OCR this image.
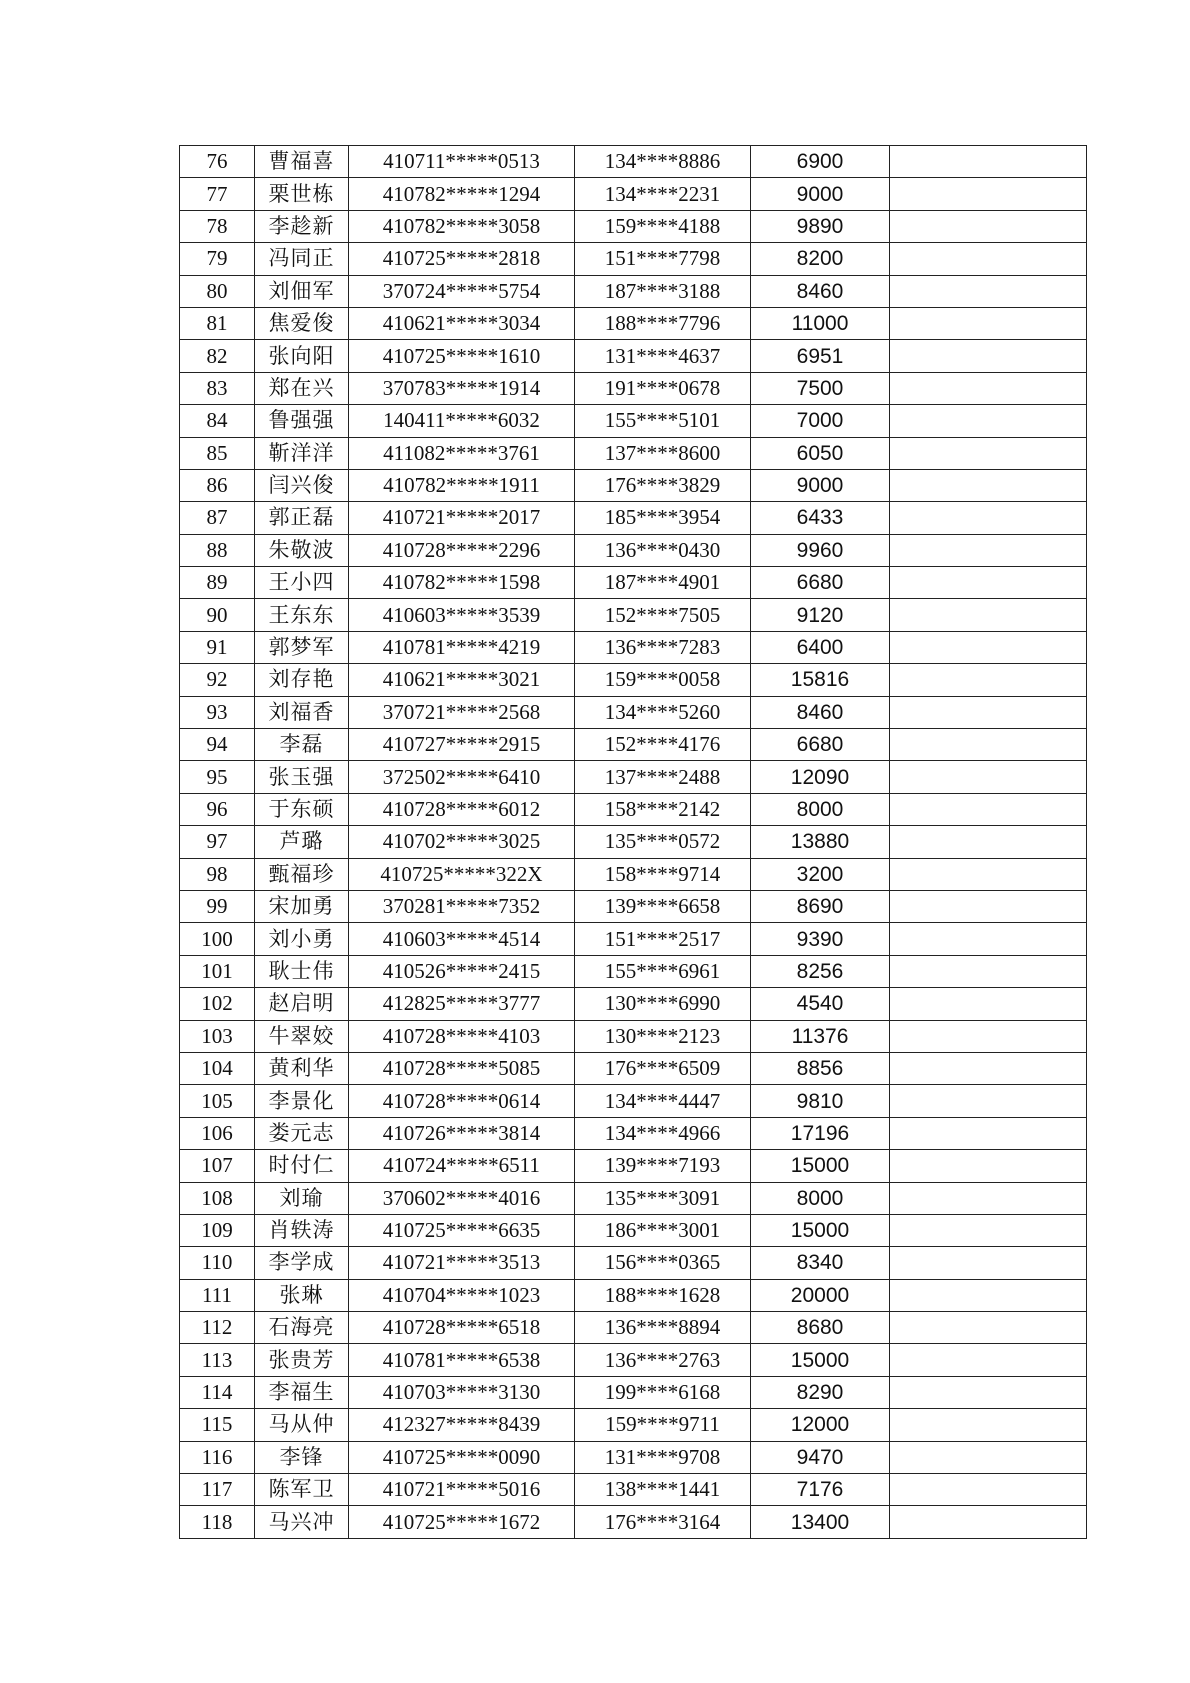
76	曹福喜	410711*****0513	134****8886	6900	
77	栗世栋	410782*****1294	134****2231	9000	
78	李趁新	410782*****3058	159****4188	9890	
79	冯同正	410725*****2818	151****7798	8200	
80	刘佃军	370724*****5754	187****3188	8460	
81	焦爱俊	410621*****3034	188****7796	11000	
82	张向阳	410725*****1610	131****4637	6951	
83	郑在兴	370783*****1914	191****0678	7500	
84	鲁强强	140411*****6032	155****5101	7000	
85	靳洋洋	411082*****3761	137****8600	6050	
86	闫兴俊	410782*****1911	176****3829	9000	
87	郭正磊	410721*****2017	185****3954	6433	
88	朱敬波	410728*****2296	136****0430	9960	
89	王小四	410782*****1598	187****4901	6680	
90	王东东	410603*****3539	152****7505	9120	
91	郭梦军	410781*****4219	136****7283	6400	
92	刘存艳	410621*****3021	159****0058	15816	
93	刘福香	370721*****2568	134****5260	8460	
94	李磊	410727*****2915	152****4176	6680	
95	张玉强	372502*****6410	137****2488	12090	
96	于东硕	410728*****6012	158****2142	8000	
97	芦璐	410702*****3025	135****0572	13880	
98	甄福珍	410725*****322X	158****9714	3200	
99	宋加勇	370281*****7352	139****6658	8690	
100	刘小勇	410603*****4514	151****2517	9390	
101	耿士伟	410526*****2415	155****6961	8256	
102	赵启明	412825*****3777	130****6990	4540	
103	牛翠姣	410728*****4103	130****2123	11376	
104	黄利华	410728*****5085	176****6509	8856	
105	李景化	410728*****0614	134****4447	9810	
106	娄元志	410726*****3814	134****4966	17196	
107	时付仁	410724*****6511	139****7193	15000	
108	刘瑜	370602*****4016	135****3091	8000	
109	肖轶涛	410725*****6635	186****3001	15000	
110	李学成	410721*****3513	156****0365	8340	
111	张琳	410704*****1023	188****1628	20000	
112	石海亮	410728*****6518	136****8894	8680	
113	张贵芳	410781*****6538	136****2763	15000	
114	李福生	410703*****3130	199****6168	8290	
115	马从仲	412327*****8439	159****9711	12000	
116	李锋	410725*****0090	131****9708	9470	
117	陈军卫	410721*****5016	138****1441	7176	
118	马兴冲	410725*****1672	176****3164	13400	
